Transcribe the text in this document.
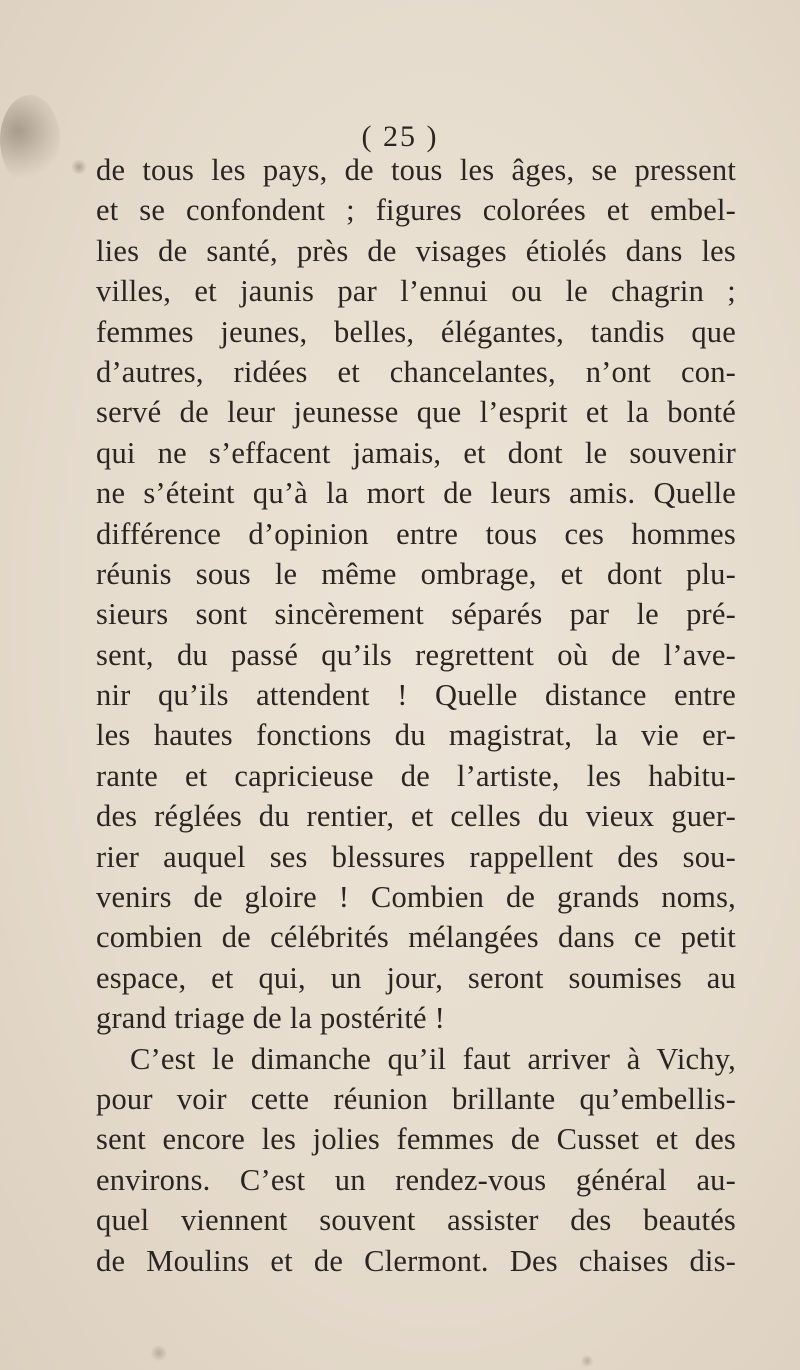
( 25 )
de tous les pays, de tous les âges, se pressent
et se confondent ; figures colorées et embel-
lies de santé, près de visages étiolés dans les
villes, et jaunis par l’ennui ou le chagrin ;
femmes jeunes, belles, élégantes, tandis que
d’autres, ridées et chancelantes, n’ont con-
servé de leur jeunesse que l’esprit et la bonté
qui ne s’effacent jamais, et dont le souvenir
ne s’éteint qu’à la mort de leurs amis. Quelle
différence d’opinion entre tous ces hommes
réunis sous le même ombrage, et dont plu-
sieurs sont sincèrement séparés par le pré-
sent, du passé qu’ils regrettent où de l’ave-
nir qu’ils attendent ! Quelle distance entre
les hautes fonctions du magistrat, la vie er-
rante et capricieuse de l’artiste, les habitu-
des réglées du rentier, et celles du vieux guer-
rier auquel ses blessures rappellent des sou-
venirs de gloire ! Combien de grands noms,
combien de célébrités mélangées dans ce petit
espace, et qui, un jour, seront soumises au
grand triage de la postérité !
C’est le dimanche qu’il faut arriver à Vichy,
pour voir cette réunion brillante qu’embellis-
sent encore les jolies femmes de Cusset et des
environs. C’est un rendez-vous général au-
quel viennent souvent assister des beautés
de Moulins et de Clermont. Des chaises dis-
